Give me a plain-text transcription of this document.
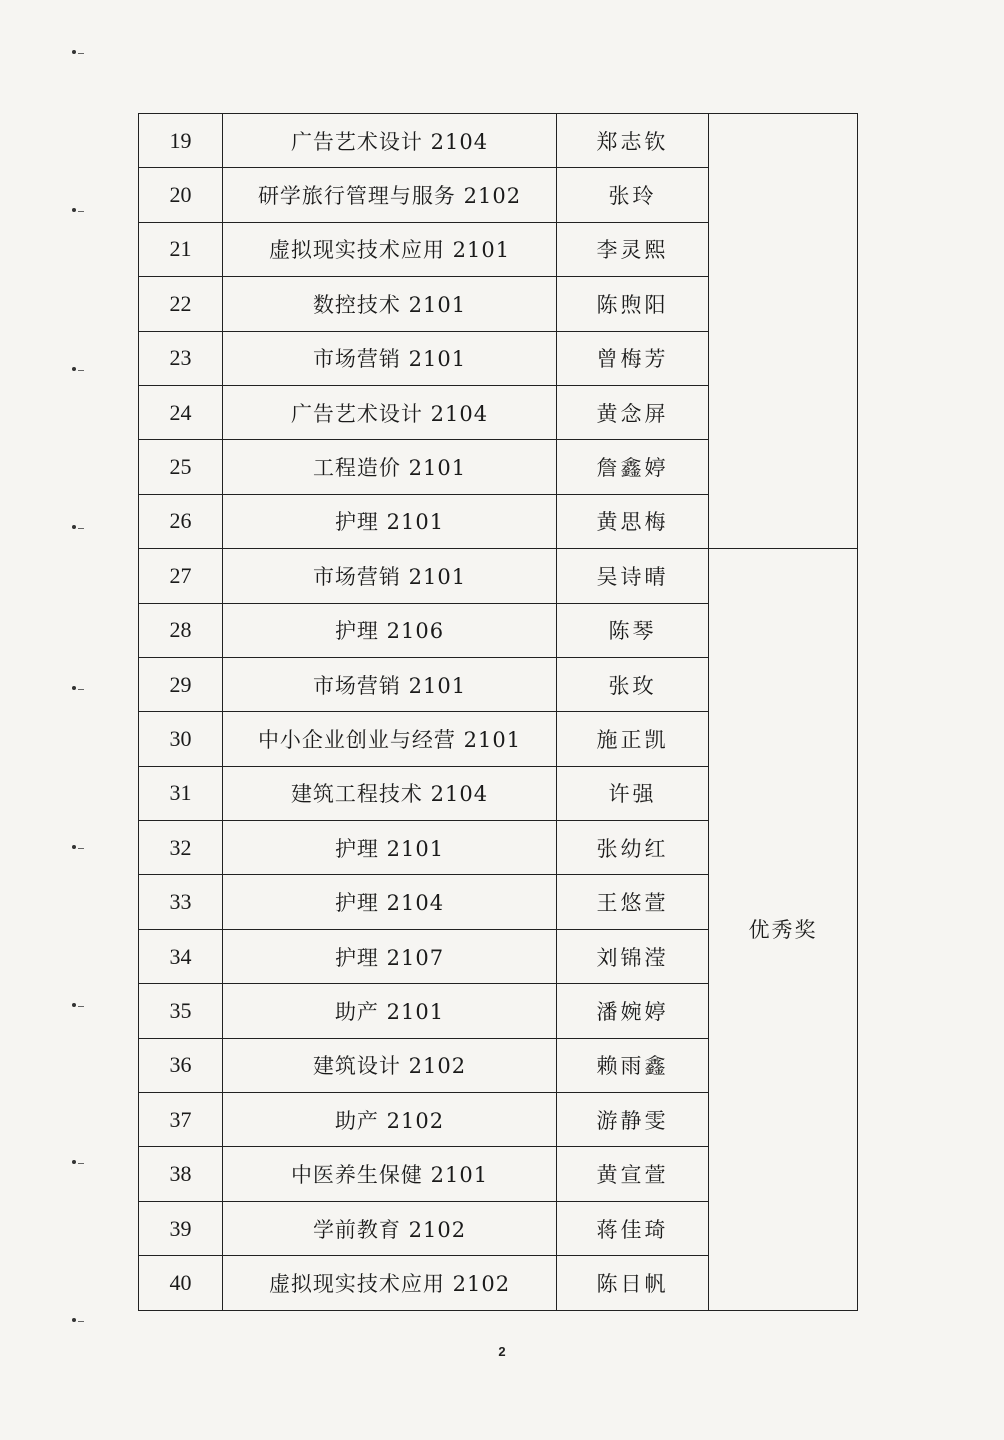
19	广告艺术设计 2104	郑志钦	
20	研学旅行管理与服务 2102	张玲	
21	虚拟现实技术应用 2101	李灵熙	
22	数控技术 2101	陈煦阳	
23	市场营销 2101	曾梅芳	
24	广告艺术设计 2104	黄念屏	
25	工程造价 2101	詹鑫婷	
26	护理 2101	黄思梅	
27	市场营销 2101	吴诗晴	优秀奖
28	护理 2106	陈琴	
29	市场营销 2101	张玫	
30	中小企业创业与经营 2101	施正凯	
31	建筑工程技术 2104	许强	
32	护理 2101	张幼红	
33	护理 2104	王悠萱	
34	护理 2107	刘锦滢	
35	助产 2101	潘婉婷	
36	建筑设计 2102	赖雨鑫	
37	助产 2102	游静雯	
38	中医养生保健 2101	黄宣萱	
39	学前教育 2102	蒋佳琦	
40	虚拟现实技术应用 2102	陈日帆	
2
